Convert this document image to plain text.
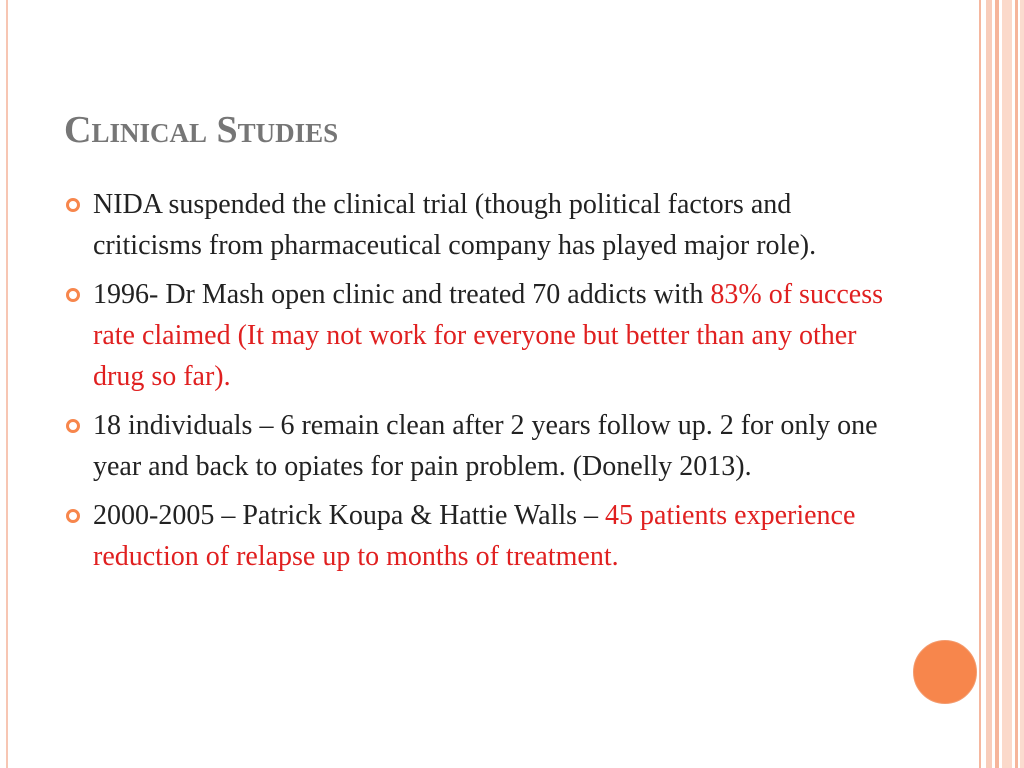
Clinical Studies
NIDA suspended the clinical trial (though political factors and criticisms from pharmaceutical company has played major role).
1996- Dr Mash open clinic and treated 70 addicts with 83% of success rate claimed (It may not work for everyone but better than any other drug so far).
18 individuals – 6 remain clean after 2 years follow up. 2 for only one year and back to opiates for pain problem. (Donelly 2013).
2000-2005 – Patrick Koupa & Hattie Walls – 45 patients experience reduction of relapse up to months of treatment.
